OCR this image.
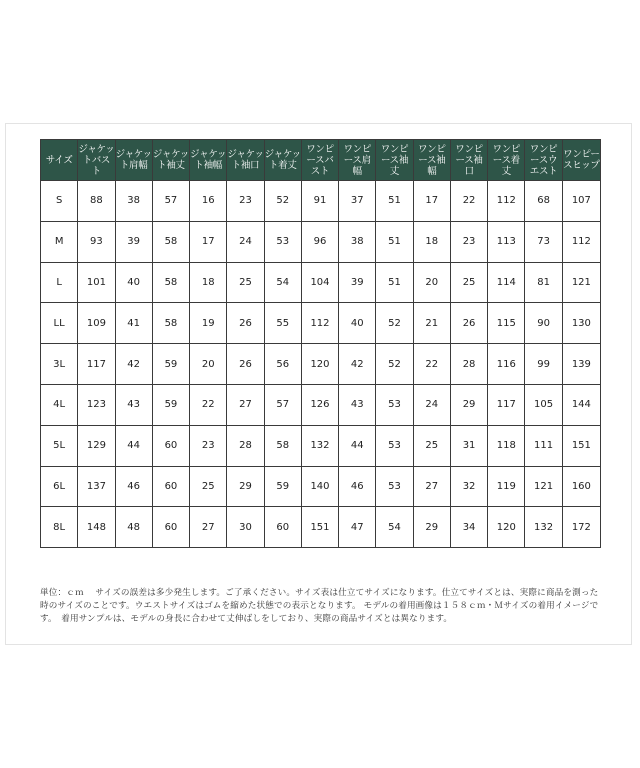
サイズ	ジャケットバスト	ジャケット肩幅	ジャケット袖丈	ジャケット袖幅	ジャケット袖口	ジャケット着丈	ワンピースバスト	ワンピース肩幅	ワンピース袖丈	ワンピース袖幅	ワンピース袖口	ワンピース着丈	ワンピースウエスト	ワンピースヒップ
S	88	38	57	16	23	52	91	37	51	17	22	112	68	107
M	93	39	58	17	24	53	96	38	51	18	23	113	73	112
L	101	40	58	18	25	54	104	39	51	20	25	114	81	121
LL	109	41	58	19	26	55	112	40	52	21	26	115	90	130
3L	117	42	59	20	26	56	120	42	52	22	28	116	99	139
4L	123	43	59	22	27	57	126	43	53	24	29	117	105	144
5L	129	44	60	23	28	58	132	44	53	25	31	118	111	151
6L	137	46	60	25	29	59	140	46	53	27	32	119	121	160
8L	148	48	60	27	30	60	151	47	54	29	34	120	132	172

単位：ｃｍ　 サイズの誤差は多少発生します。ご了承ください。サイズ表は仕立てサイズになります。仕立てサイズとは、実際に商品を測った時のサイズのことです。ウエストサイズはゴムを縮めた状態での表示となります。 モデルの着用画像は１５８ｃｍ・Ｍサイズの着用イメージです。　着用サンプルは、モデルの身長に合わせて丈伸ばしをしており、実際の商品サイズとは異なります。
